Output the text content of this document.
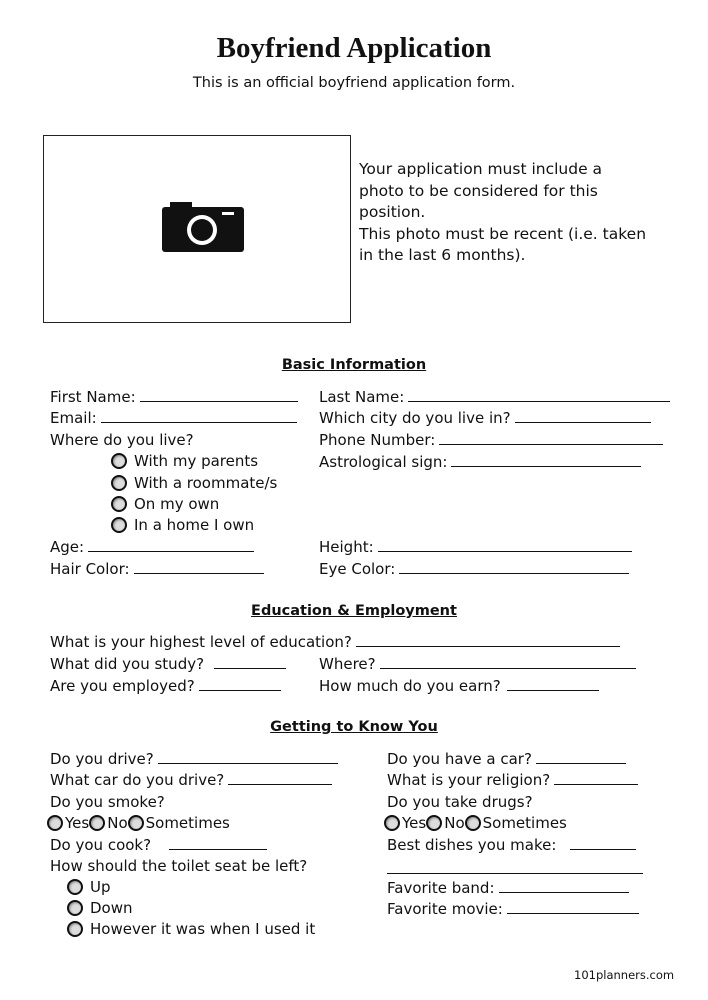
Boyfriend Application
This is an official boyfriend application form.
Your application must include a
photo to be considered for this
position.
This photo must be recent (i.e. taken
in the last 6 months).
Basic Information
First Name:	Last Name:
Email:	Which city do you live in?
Where do you live?	Phone Number:
With my parents	Astrological sign:
With a roommate/s
On my own
In a home I own
Age:	Height:
Hair Color:	Eye Color:
Education & Employment
What is your highest level of education?
What did you study?	Where?
Are you employed?	How much do you earn?
Getting to Know You
Do you drive?	Do you have a car?
What car do you drive?	What is your religion?
Do you smoke?	Do you take drugs?
Yes No Sometimes	Yes No Sometimes
Do you cook?	Best dishes you make:
How should the toilet seat be left?
Up	Favorite band:
Down	Favorite movie:
However it was when I used it
101planners.com
